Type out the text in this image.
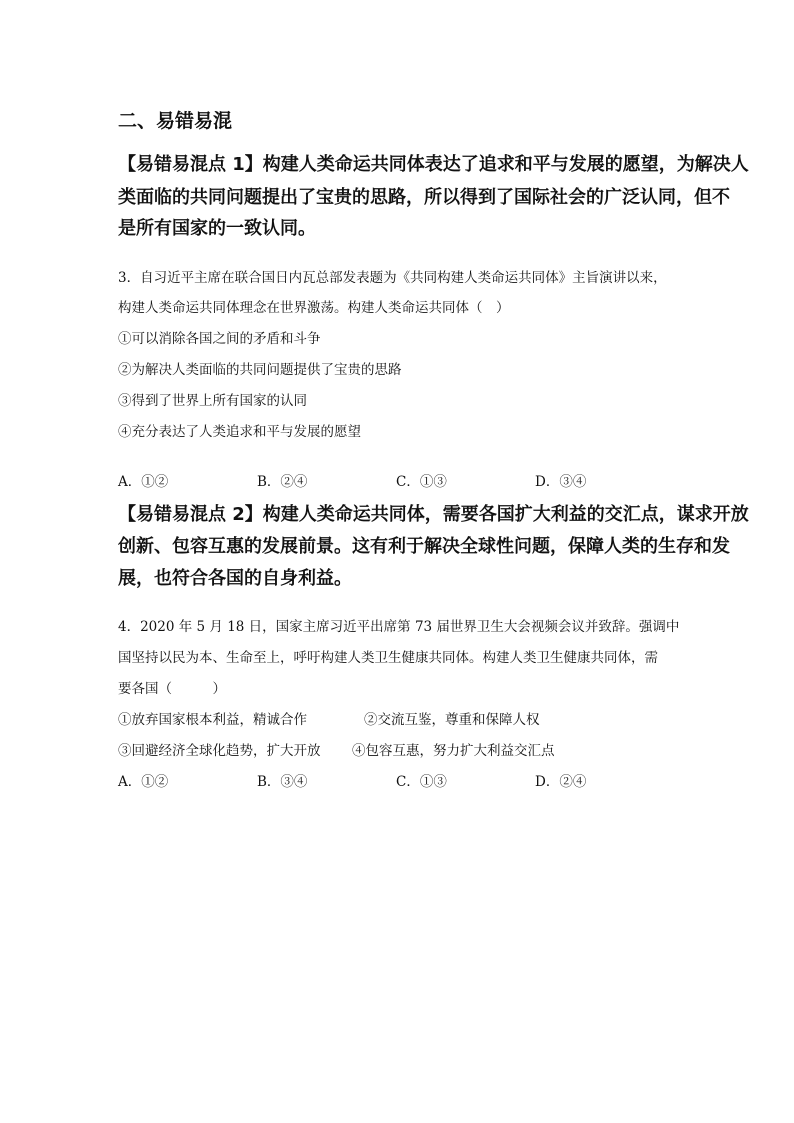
二、易错易混
【易错易混点 1】构建人类命运共同体表达了追求和平与发展的愿望，为解决人
类面临的共同问题提出了宝贵的思路，所以得到了国际社会的广泛认同，但不
是所有国家的一致认同。
3．自习近平主席在联合国日内瓦总部发表题为《共同构建人类命运共同体》主旨演讲以来，
构建人类命运共同体理念在世界激荡。构建人类命运共同体（　）
①可以消除各国之间的矛盾和斗争
②为解决人类面临的共同问题提供了宝贵的思路
③得到了世界上所有国家的认同
④充分表达了人类追求和平与发展的愿望
A．①②	B．②④	C．①③	D．③④
【易错易混点 2】构建人类命运共同体，需要各国扩大利益的交汇点，谋求开放
创新、包容互惠的发展前景。这有利于解决全球性问题，保障人类的生存和发
展，也符合各国的自身利益。
4．2020 年 5 月 18 日，国家主席习近平出席第 73 届世界卫生大会视频会议并致辞。强调中
国坚持以民为本、生命至上，呼吁构建人类卫生健康共同体。构建人类卫生健康共同体，需
要各国（　　　）
①放弃国家根本利益，精诚合作	②交流互鉴，尊重和保障人权
③回避经济全球化趋势，扩大开放 ④包容互惠，努力扩大利益交汇点
A．①②	B．③④	C．①③	D．②④
